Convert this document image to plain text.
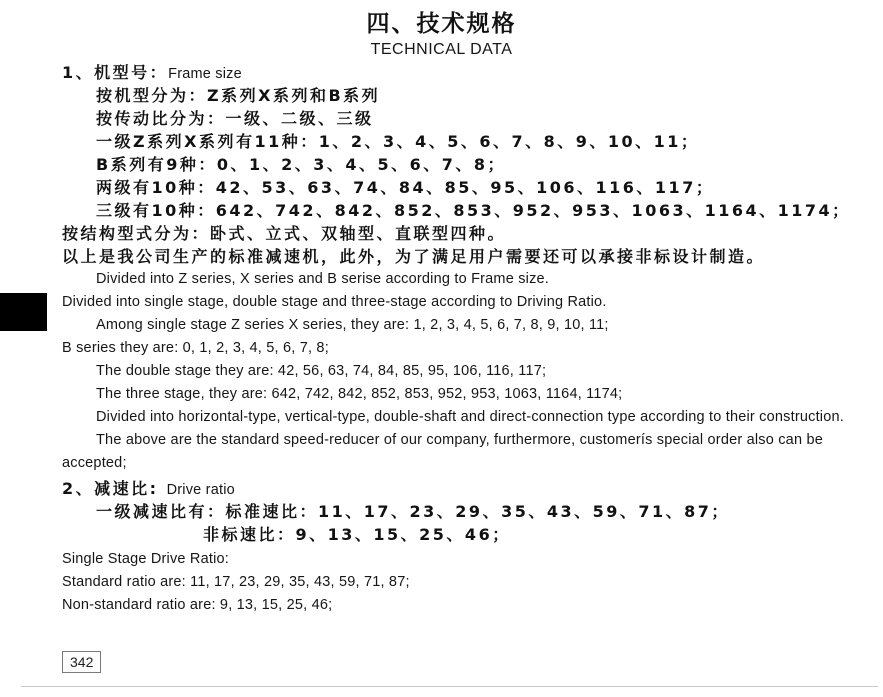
四、技术规格
TECHNICAL DATA
1、机型号：Frame size
按机型分为：Z系列X系列和B系列
按传动比分为：一级、二级、三级
一级Z系列X系列有11种：1、2、3、4、5、6、7、8、9、10、11；
B系列有9种：0、1、2、3、4、5、6、7、8；
两级有10种：42、53、63、74、84、85、95、106、116、117；
三级有10种：642、742、842、852、853、952、953、1063、1164、1174；
按结构型式分为：卧式、立式、双轴型、直联型四种。
以上是我公司生产的标准减速机，此外，为了满足用户需要还可以承接非标设计制造。
Divided into Z series, X series and B serise according to Frame size.
Divided into single stage, double stage and three-stage according to Driving Ratio.
Among single stage Z series X series, they are: 1, 2, 3, 4, 5, 6, 7, 8, 9, 10, 11;
B series they are: 0, 1, 2, 3, 4, 5, 6, 7, 8;
The double stage they are: 42, 56, 63, 74, 84, 85, 95, 106, 116, 117;
The three stage, they are: 642, 742, 842, 852, 853, 952, 953, 1063, 1164, 1174;
Divided into horizontal-type, vertical-type, double-shaft and direct-connection type according to their construction.
The above are the standard speed-reducer of our company, furthermore, customerís special order also can be
accepted;
2、减速比: Drive ratio
一级减速比有：标准速比：11、17、23、29、35、43、59、71、87；
非标速比：9、13、15、25、46；
Single Stage Drive Ratio:
Standard ratio are: 11, 17, 23, 29, 35, 43, 59, 71, 87;
Non-standard ratio are: 9, 13, 15, 25, 46;
342
